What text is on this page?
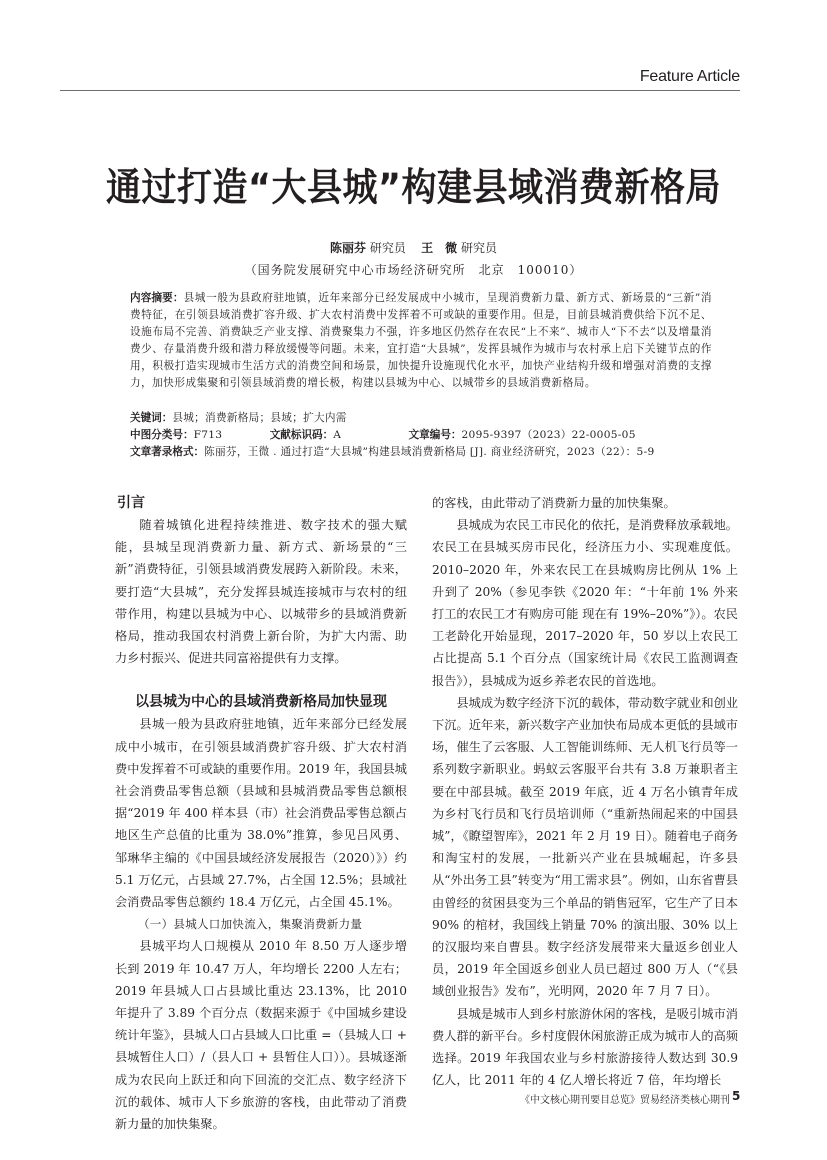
Feature Article
通过打造“大县城”构建县域消费新格局
陈丽芬 研究员 王　微 研究员
（国务院发展研究中心市场经济研究所　北京　100010）
内容摘要：县城一般为县政府驻地镇，近年来部分已经发展成中小城市，呈现消费新力量、新方式、新场景的“三新”消费特征，在引领县域消费扩容升级、扩大农村消费中发挥着不可或缺的重要作用。但是，目前县城消费供给下沉不足、设施布局不完善、消费缺乏产业支撑、消费聚集力不强，许多地区仍然存在农民“上不来”、城市人“下不去”以及增量消费少、存量消费升级和潜力释放缓慢等问题。未来，宜打造“大县城”，发挥县城作为城市与农村承上启下关键节点的作用，积极打造实现城市生活方式的消费空间和场景，加快提升设施现代化水平，加快产业结构升级和增强对消费的支撑力，加快形成集聚和引领县域消费的增长极，构建以县城为中心、以城带乡的县域消费新格局。
关键词：县城；消费新格局；县域；扩大内需
中图分类号：F713	文献标识码：A	文章编号：2095-9397（2023）22-0005-05
文章著录格式：陈丽芬，王微 . 通过打造“大县城”构建县域消费新格局 [J]. 商业经济研究，2023（22）：5-9
引言

随着城镇化进程持续推进、数字技术的强大赋能，县城呈现消费新力量、新方式、新场景的“三新”消费特征，引领县域消费发展跨入新阶段。未来，要打造“大县城”，充分发挥县城连接城市与农村的纽带作用，构建以县城为中心、以城带乡的县域消费新格局，推动我国农村消费上新台阶，为扩大内需、助力乡村振兴、促进共同富裕提供有力支撑。

以县城为中心的县域消费新格局加快显现

县城一般为县政府驻地镇，近年来部分已经发展成中小城市，在引领县域消费扩容升级、扩大农村消费中发挥着不可或缺的重要作用。2019 年，我国县城社会消费品零售总额（县域和县城消费品零售总额根据“2019 年 400 样本县（市）社会消费品零售总额占地区生产总值的比重为 38.0%”推算，参见吕风勇、邹琳华主编的《中国县域经济发展报告（2020）》）约 5.1 万亿元，占县域 27.7%，占全国 12.5%；县域社会消费品零售总额约 18.4 万亿元，占全国 45.1%。

（一）县城人口加快流入，集聚消费新力量

县城平均人口规模从 2010 年 8.50 万人逐步增长到 2019 年 10.47 万人，年均增长 2200 人左右；2019 年县城人口占县域比重达 23.13%，比 2010 年提升了 3.89 个百分点（数据来源于《中国城乡建设统计年鉴》，县城人口占县域人口比重 =（县城人口 + 县城暂住人口）/（县人口 + 县暂住人口））。县城逐渐成为农民向上跃迁和向下回流的交汇点、数字经济下沉的载体、城市人下乡旅游的客栈，由此带动了消费新力量的加快集聚。

的客栈，由此带动了消费新力量的加快集聚。

县城成为农民工市民化的依托，是消费释放承载地。农民工在县城买房市民化，经济压力小、实现难度低。2010–2020 年，外来农民工在县城购房比例从 1% 上升到了 20%（参见李铁《2020 年：“十年前 1% 外来打工的农民工才有购房可能 现在有 19%–20%”》）。农民工老龄化开始显现，2017–2020 年，50 岁以上农民工占比提高 5.1 个百分点（国家统计局《农民工监测调查报告》），县城成为返乡养老农民的首选地。

县城成为数字经济下沉的载体，带动数字就业和创业下沉。近年来，新兴数字产业加快布局成本更低的县域市场，催生了云客服、人工智能训练师、无人机飞行员等一系列数字新职业。蚂蚁云客服平台共有 3.8 万兼职者主要在中部县城。截至 2019 年底，近 4 万名小镇青年成为乡村飞行员和飞行员培训师（“重新热闹起来的中国县城”，《瞭望智库》，2021 年 2 月 19 日）。随着电子商务和淘宝村的发展，一批新兴产业在县城崛起，许多县从“外出务工县”转变为“用工需求县”。例如，山东省曹县由曾经的贫困县变为三个单品的销售冠军，它生产了日本 90% 的棺材，我国线上销量 70% 的演出服、30% 以上的汉服均来自曹县。数字经济发展带来大量返乡创业人员，2019 年全国返乡创业人员已超过 800 万人（“《县域创业报告》发布”，光明网，2020 年 7 月 7 日）。

县城是城市人到乡村旅游休闲的客栈，是吸引城市消费人群的新平台。乡村度假休闲旅游正成为城市人的高频选择。2019 年我国农业与乡村旅游接待人数达到 30.9 亿人，比 2011 年的 4 亿人增长将近 7 倍，年均增长

《中文核心期刊要目总览》贸易经济类核心期刊 5
